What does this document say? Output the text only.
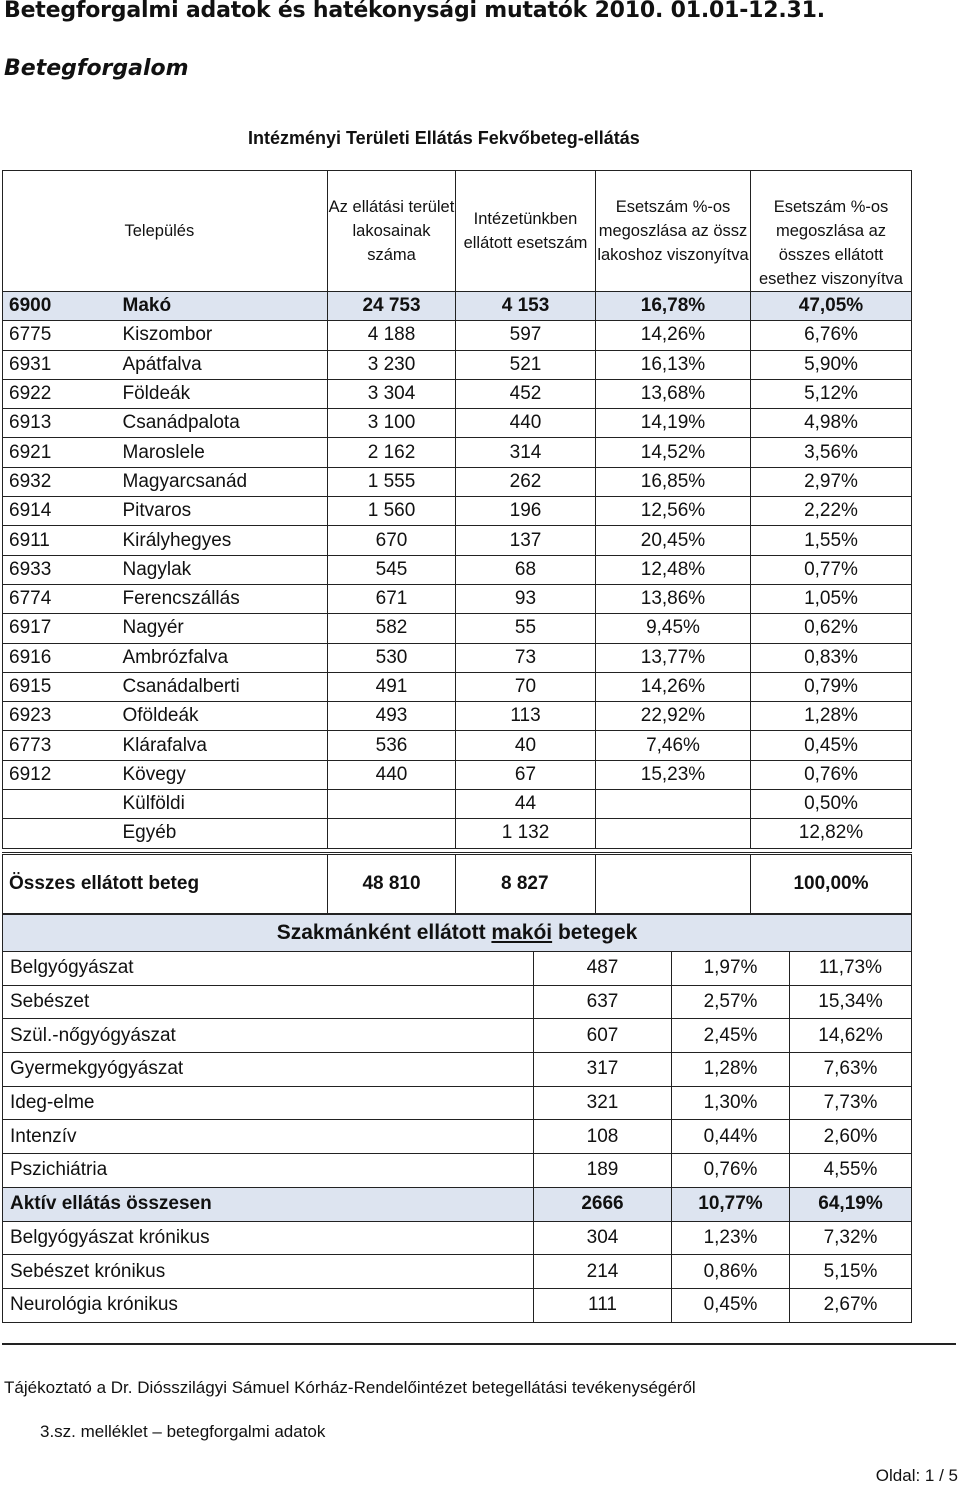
Betegforgalmi adatok és hatékonysági mutatók 2010. 01.01-12.31.
Betegforgalom
Intézményi Területi Ellátás Fekvőbeteg-ellátás
	Település	Az ellátási terület lakosainak száma	Intézetünkben ellátott esetszám	Esetszám %-os megoszlása az össz lakoshoz viszonyítva	Esetszám %-os megoszlása az összes ellátott esethez viszonyítva
6900	Makó	24 753	4 153	16,78%	47,05%
6775	Kiszombor	4 188	597	14,26%	6,76%
6931	Apátfalva	3 230	521	16,13%	5,90%
6922	Földeák	3 304	452	13,68%	5,12%
6913	Csanádpalota	3 100	440	14,19%	4,98%
6921	Maroslele	2 162	314	14,52%	3,56%
6932	Magyarcsanád	1 555	262	16,85%	2,97%
6914	Pitvaros	1 560	196	12,56%	2,22%
6911	Királyhegyes	670	137	20,45%	1,55%
6933	Nagylak	545	68	12,48%	0,77%
6774	Ferencszállás	671	93	13,86%	1,05%
6917	Nagyér	582	55	9,45%	0,62%
6916	Ambrózfalva	530	73	13,77%	0,83%
6915	Csanádalberti	491	70	14,26%	0,79%
6923	Oföldeák	493	113	22,92%	1,28%
6773	Klárafalva	536	40	7,46%	0,45%
6912	Kövegy	440	67	15,23%	0,76%
	Külföldi		44		0,50%
	Egyéb		1 132		12,82%
Összes ellátott beteg	48 810	8 827		100,00%
Szakmánként ellátott makói betegek			
Belgyógyászat	487	1,97%	11,73%
Sebészet	637	2,57%	15,34%
Szül.-nőgyógyászat	607	2,45%	14,62%
Gyermekgyógyászat	317	1,28%	7,63%
Ideg-elme	321	1,30%	7,73%
Intenzív	108	0,44%	2,60%
Pszichiátria	189	0,76%	4,55%
Aktív ellátás összesen	2666	10,77%	64,19%
Belgyógyászat krónikus	304	1,23%	7,32%
Sebészet krónikus	214	0,86%	5,15%
Neurológia krónikus	111	0,45%	2,67%
Tájékoztató a Dr. Diósszilágyi Sámuel Kórház-Rendelőintézet betegellátási tevékenységéről
3.sz. melléklet – betegforgalmi adatok
Oldal: 1 / 5
